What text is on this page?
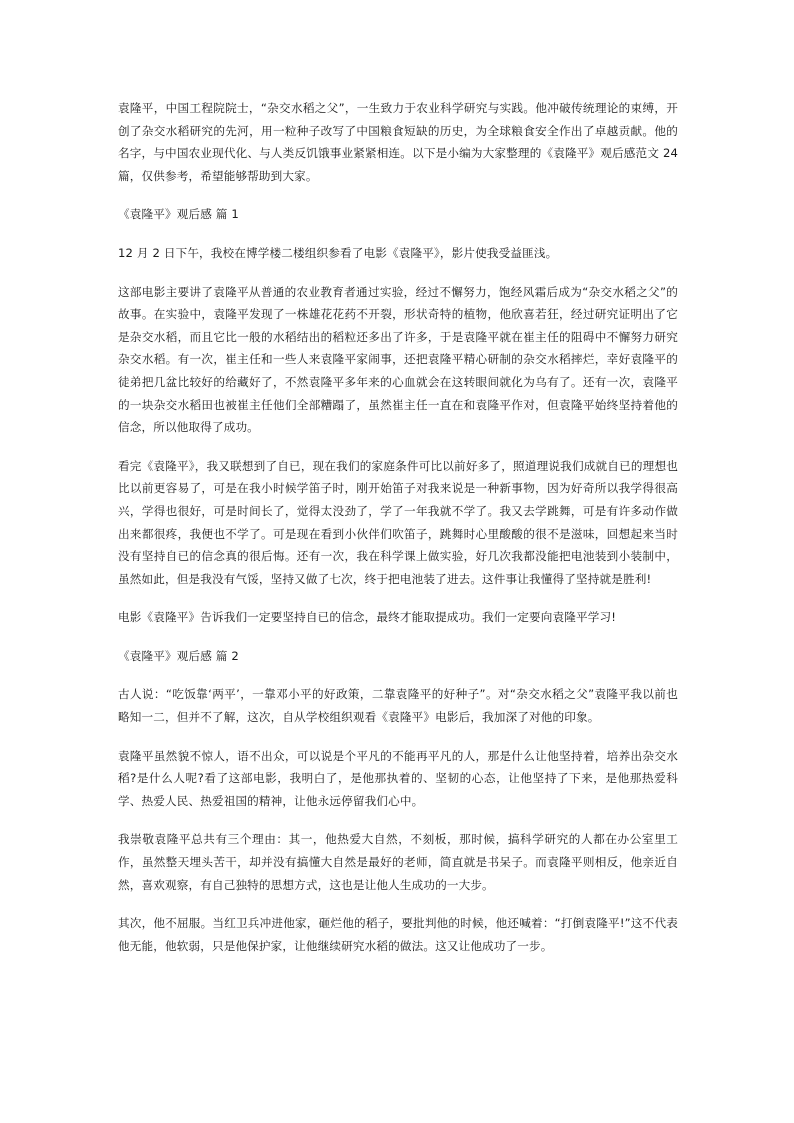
袁隆平，中国工程院院士，“杂交水稻之父”，一生致力于农业科学研究与实践。他冲破传统理论的束缚，开创了杂交水稻研究的先河，用一粒种子改写了中国粮食短缺的历史，为全球粮食安全作出了卓越贡献。他的名字，与中国农业现代化、与人类反饥饿事业紧紧相连。以下是小编为大家整理的《袁隆平》观后感范文 24 篇，仅供参考，希望能够帮助到大家。

《袁隆平》观后感 篇 1

12 月 2 日下午，我校在博学楼二楼组织参看了电影《袁隆平》，影片使我受益匪浅。

这部电影主要讲了袁隆平从普通的农业教育者通过实验，经过不懈努力，饱经风霜后成为“杂交水稻之父”的故事。在实验中，袁隆平发现了一株雄花花药不开裂，形状奇特的植物，他欣喜若狂，经过研究证明出了它是杂交水稻，而且它比一般的水稻结出的稻粒还多出了许多，于是袁隆平就在崔主任的阻碍中不懈努力研究杂交水稻。有一次，崔主任和一些人来袁隆平家闹事，还把袁隆平精心研制的杂交水稻摔烂，幸好袁隆平的徒弟把几盆比较好的给藏好了，不然袁隆平多年来的心血就会在这转眼间就化为乌有了。还有一次，袁隆平的一块杂交水稻田也被崔主任他们全部糟蹋了，虽然崔主任一直在和袁隆平作对，但袁隆平始终坚持着他的信念，所以他取得了成功。

看完《袁隆平》，我又联想到了自已，现在我们的家庭条件可比以前好多了，照道理说我们成就自已的理想也比以前更容易了，可是在我小时候学笛子时，刚开始笛子对我来说是一种新事物，因为好奇所以我学得很高兴，学得也很好，可是时间长了，觉得太没劲了，学了一年我就不学了。我又去学跳舞，可是有许多动作做出来都很疼，我便也不学了。可是现在看到小伙伴们吹笛子，跳舞时心里酸酸的很不是滋味，回想起来当时没有坚持自已的信念真的很后悔。还有一次，我在科学课上做实验，好几次我都没能把电池装到小装制中，虽然如此，但是我没有气馁，坚持又做了七次，终于把电池装了进去。这件事让我懂得了坚持就是胜利!

电影《袁隆平》告诉我们一定要坚持自已的信念，最终才能取提成功。我们一定要向袁隆平学习!

《袁隆平》观后感 篇 2

古人说：“吃饭靠‘两平’，一靠邓小平的好政策，二靠袁隆平的好种子”。对“杂交水稻之父”袁隆平我以前也略知一二，但并不了解，这次，自从学校组织观看《袁隆平》电影后，我加深了对他的印象。

袁隆平虽然貌不惊人，语不出众，可以说是个平凡的不能再平凡的人，那是什么让他坚持着，培养出杂交水稻?是什么人呢?看了这部电影，我明白了，是他那执着的、坚韧的心态，让他坚持了下来，是他那热爱科学、热爱人民、热爱祖国的精神，让他永远停留我们心中。

我崇敬袁隆平总共有三个理由：其一，他热爱大自然，不刻板，那时候，搞科学研究的人都在办公室里工作，虽然整天埋头苦干，却并没有搞懂大自然是最好的老师，简直就是书呆子。而袁隆平则相反，他亲近自然，喜欢观察，有自己独特的思想方式，这也是让他人生成功的一大步。

其次，他不屈服。当红卫兵冲进他家，砸烂他的稻子，要批判他的时候，他还喊着：“打倒袁隆平!”这不代表他无能，他软弱，只是他保护家，让他继续研究水稻的做法。这又让他成功了一步。
